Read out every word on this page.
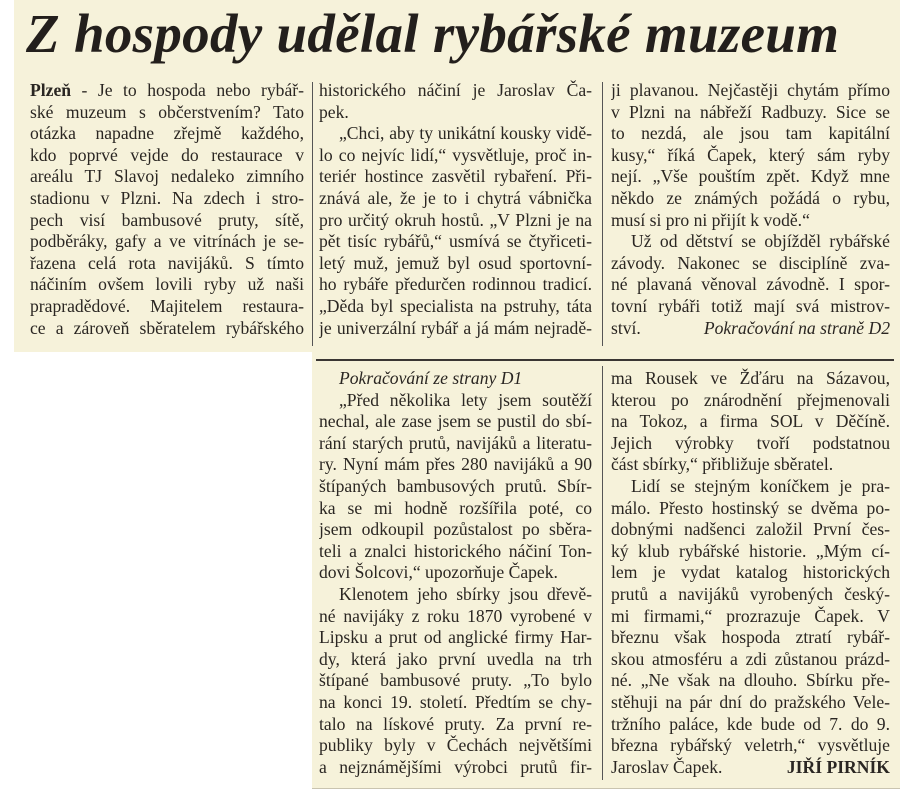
Z hospody udělal rybářské muzeum
Plzeň - Je to hospoda nebo rybář-
ské muzeum s občerstvením? Tato
otázka napadne zřejmě každého,
kdo poprvé vejde do restaurace v
areálu TJ Slavoj nedaleko zimního
stadionu v Plzni. Na zdech i stro-
pech visí bambusové pruty, sítě,
podběráky, gafy a ve vitrínách je se-
řazena celá rota navijáků. S tímto
náčiním ovšem lovili ryby už naši
prapradědové. Majitelem restaura-
ce a zároveň sběratelem rybářského
historického náčiní je Jaroslav Ča-
pek.
„Chci, aby ty unikátní kousky vidě-
lo co nejvíc lidí,“ vysvětluje, proč in-
teriér hostince zasvětil rybaření. Při-
znává ale, že je to i chytrá vábnička
pro určitý okruh hostů. „V Plzni je na
pět tisíc rybářů,“ usmívá se čtyřiceti-
letý muž, jemuž byl osud sportovní-
ho rybáře předurčen rodinnou tradicí.
„Děda byl specialista na pstruhy, táta
je univerzální rybář a já mám nejradě-
ji plavanou. Nejčastěji chytám přímo
v Plzni na nábřeží Radbuzy. Sice se
to nezdá, ale jsou tam kapitální
kusy,“ říká Čapek, který sám ryby
nejí. „Vše pouštím zpět. Když mne
někdo ze známých požádá o rybu,
musí si pro ni přijít k vodě.“
Už od dětství se objížděl rybářské
závody. Nakonec se disciplíně zva-
né plavaná věnoval závodně. I spor-
tovní rybáři totiž mají svá mistrov-
ství.	Pokračování na straně D2
Pokračování ze strany D1
„Před několika lety jsem soutěží
nechal, ale zase jsem se pustil do sbí-
rání starých prutů, navijáků a literatu-
ry. Nyní mám přes 280 navijáků a 90
štípaných bambusových prutů. Sbír-
ka se mi hodně rozšířila poté, co
jsem odkoupil pozůstalost po sběra-
teli a znalci historického náčiní Ton-
dovi Šolcovi,“ upozorňuje Čapek.
Klenotem jeho sbírky jsou dřevě-
né navijáky z roku 1870 vyrobené v
Lipsku a prut od anglické firmy Har-
dy, která jako první uvedla na trh
štípané bambusové pruty. „To bylo
na konci 19. století. Předtím se chy-
talo na lískové pruty. Za první re-
publiky byly v Čechách největšími
a nejznámějšími výrobci prutů fir-
ma Rousek ve Žďáru na Sázavou,
kterou po znárodnění přejmenovali
na Tokoz, a firma SOL v Děčíně.
Jejich výrobky tvoří podstatnou
část sbírky,“ přibližuje sběratel.
Lidí se stejným koníčkem je pra-
málo. Přesto hostinský se dvěma po-
dobnými nadšenci založil První čes-
ký klub rybářské historie. „Mým cí-
lem je vydat katalog historických
prutů a navijáků vyrobených český-
mi firmami,“ prozrazuje Čapek. V
březnu však hospoda ztratí rybář-
skou atmosféru a zdi zůstanou prázd-
né. „Ne však na dlouho. Sbírku pře-
stěhuji na pár dní do pražského Vele-
tržního paláce, kde bude od 7. do 9.
března rybářský veletrh,“ vysvětluje
Jaroslav Čapek.	JIŘÍ PIRNÍK
